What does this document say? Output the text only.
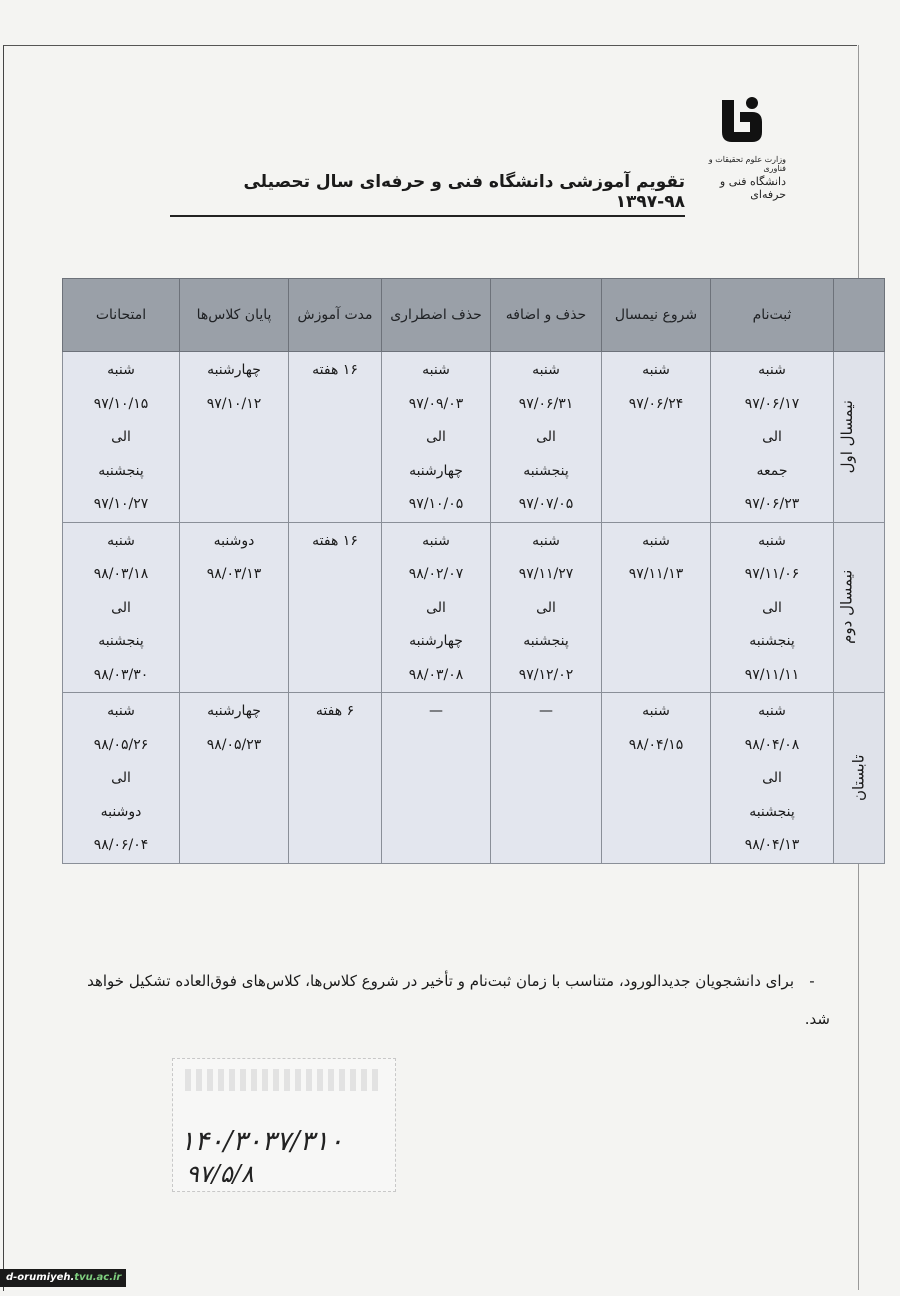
وزارت علوم تحقیقات و فناوری
دانشگاه فنی و حرفه‌ای
تقویم آموزشی دانشگاه فنی و حرفه‌ای سال تحصیلی ۹۸-۱۳۹۷
	ثبت‌نام	شروع نیمسال	حذف و اضافه	حذف اضطراری	مدت آموزش	پایان کلاس‌ها	امتحانات
نیمسال اول	شنبه
۹۷/۰۶/۱۷
الی
جمعه
۹۷/۰۶/۲۳	شنبه
۹۷/۰۶/۲۴	شنبه
۹۷/۰۶/۳۱
الی
پنجشنبه
۹۷/۰۷/۰۵	شنبه
۹۷/۰۹/۰۳
الی
چهارشنبه
۹۷/۱۰/۰۵	۱۶ هفته	چهارشنبه
۹۷/۱۰/۱۲	شنبه
۹۷/۱۰/۱۵
الی
پنجشنبه
۹۷/۱۰/۲۷
نیمسال دوم	شنبه
۹۷/۱۱/۰۶
الی
پنجشنبه
۹۷/۱۱/۱۱	شنبه
۹۷/۱۱/۱۳	شنبه
۹۷/۱۱/۲۷
الی
پنجشنبه
۹۷/۱۲/۰۲	شنبه
۹۸/۰۲/۰۷
الی
چهارشنبه
۹۸/۰۳/۰۸	۱۶ هفته	دوشنبه
۹۸/۰۳/۱۳	شنبه
۹۸/۰۳/۱۸
الی
پنجشنبه
۹۸/۰۳/۳۰
تابستان	شنبه
۹۸/۰۴/۰۸
الی
پنجشنبه
۹۸/۰۴/۱۳	شنبه
۹۸/۰۴/۱۵	—	—	۶ هفته	چهارشنبه
۹۸/۰۵/۲۳	شنبه
۹۸/۰۵/۲۶
الی
دوشنبه
۹۸/۰۶/۰۴
-برای دانشجویان جدیدالورود، متناسب با زمان ثبت‌نام و تأخیر در شروع کلاس‌ها، کلاس‌های فوق‌العاده تشکیل خواهد شد.
۱۴۰/۳۰۳۷/۳۱۰
۹۷/۵/۸
d-orumiyeh.tvu.ac.ir
